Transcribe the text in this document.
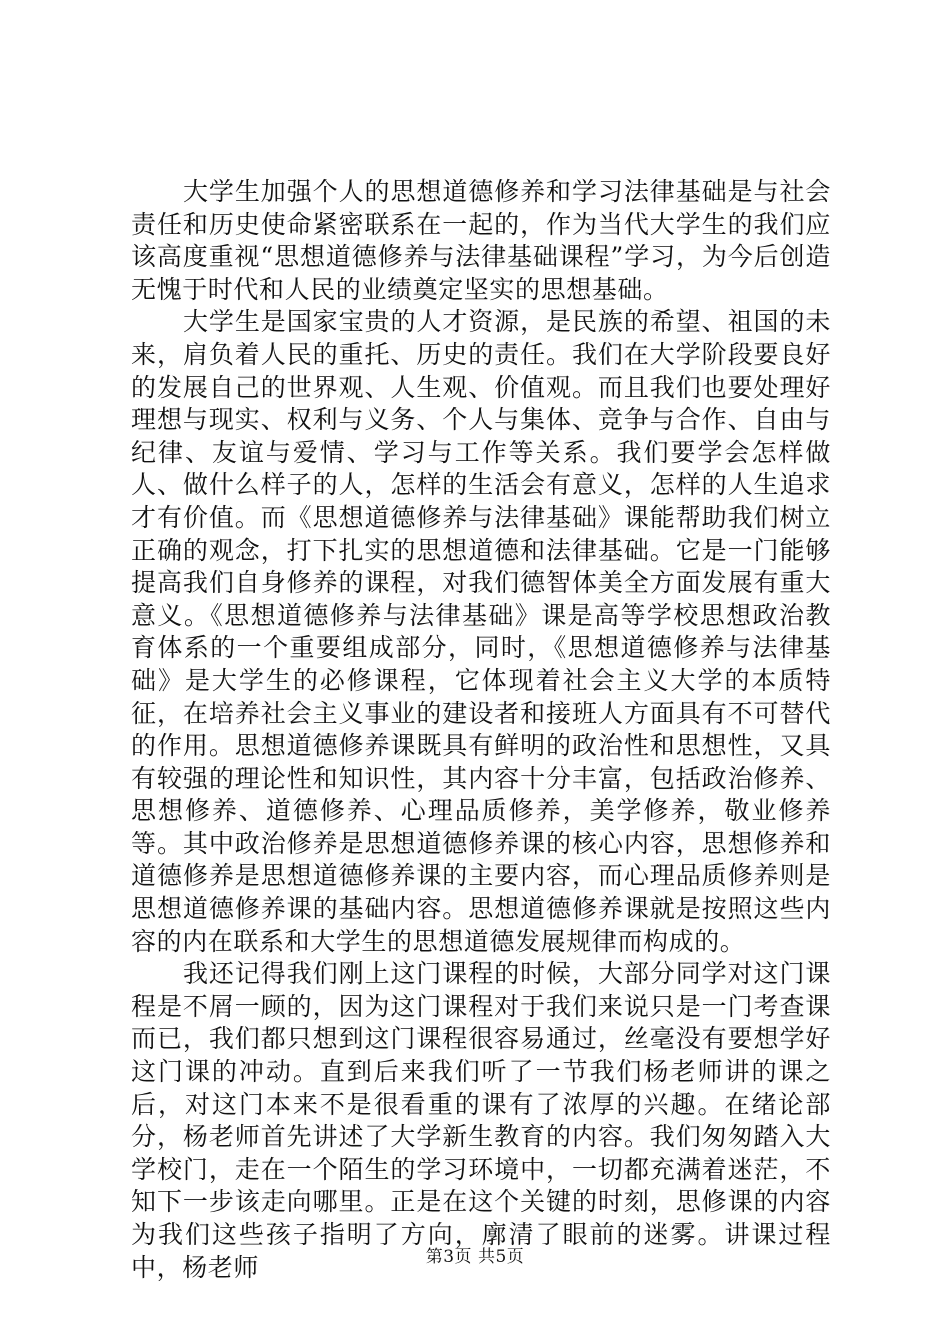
大学生加强个人的思想道德修养和学习法律基础是与社会责任和历史使命紧密联系在一起的，作为当代大学生的我们应该高度重视“思想道德修养与法律基础课程”学习，为今后创造无愧于时代和人民的业绩奠定坚实的思想基础。

大学生是国家宝贵的人才资源，是民族的希望、祖国的未来，肩负着人民的重托、历史的责任。我们在大学阶段要良好的发展自己的世界观、人生观、价值观。而且我们也要处理好理想与现实、权利与义务、个人与集体、竞争与合作、自由与纪律、友谊与爱情、学习与工作等关系。我们要学会怎样做人、做什么样子的人，怎样的生活会有意义，怎样的人生追求才有价值。而《思想道德修养与法律基础》课能帮助我们树立正确的观念，打下扎实的思想道德和法律基础。它是一门能够提高我们自身修养的课程，对我们德智体美全方面发展有重大意义。《思想道德修养与法律基础》课是高等学校思想政治教育体系的一个重要组成部分，同时，《思想道德修养与法律基础》是大学生的必修课程，它体现着社会主义大学的本质特征，在培养社会主义事业的建设者和接班人方面具有不可替代的作用。思想道德修养课既具有鲜明的政治性和思想性，又具有较强的理论性和知识性，其内容十分丰富，包括政治修养、思想修养、道德修养、心理品质修养，美学修养，敬业修养等。其中政治修养是思想道德修养课的核心内容，思想修养和道德修养是思想道德修养课的主要内容，而心理品质修养则是思想道德修养课的基础内容。思想道德修养课就是按照这些内容的内在联系和大学生的思想道德发展规律而构成的。

我还记得我们刚上这门课程的时候，大部分同学对这门课程是不屑一顾的，因为这门课程对于我们来说只是一门考查课而已，我们都只想到这门课程很容易通过，丝毫没有要想学好这门课的冲动。直到后来我们听了一节我们杨老师讲的课之后，对这门本来不是很看重的课有了浓厚的兴趣。在绪论部分，杨老师首先讲述了大学新生教育的内容。我们匆匆踏入大学校门，走在一个陌生的学习环境中，一切都充满着迷茫，不知下一步该走向哪里。正是在这个关键的时刻，思修课的内容为我们这些孩子指明了方向，廓清了眼前的迷雾。讲课过程中，杨老师	第3页 共5页
